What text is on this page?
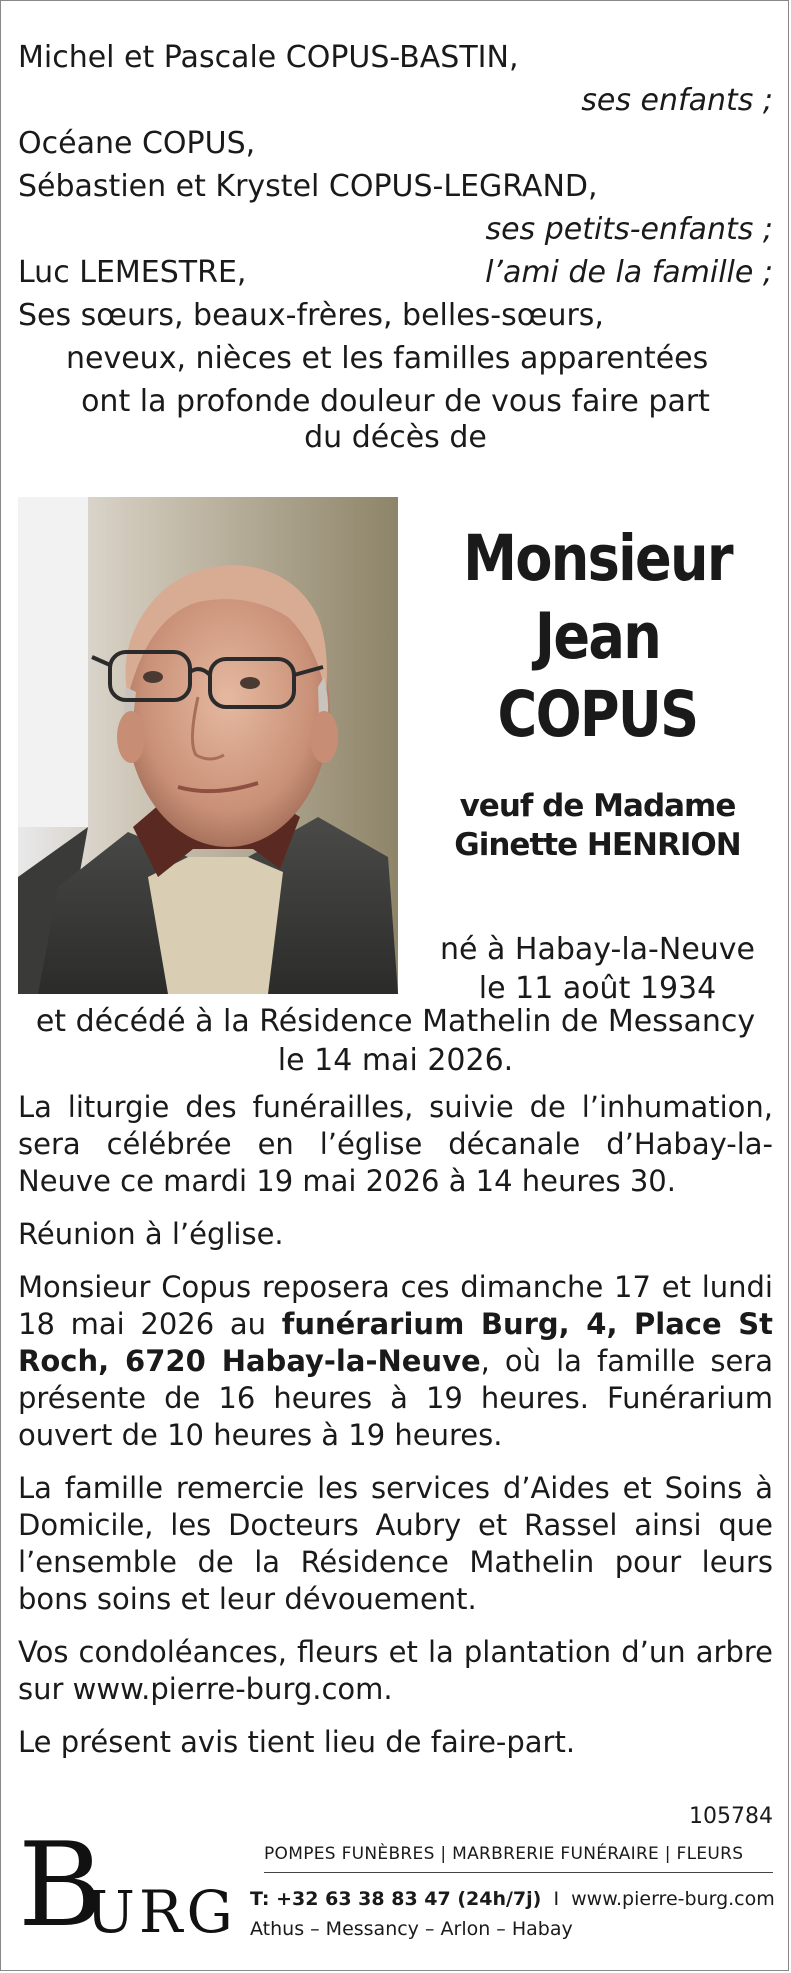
Michel et Pascale COPUS-BASTIN,
ses enfants ;
Océane COPUS,
Sébastien et Krystel COPUS-LEGRAND,
ses petits-enfants ;
Luc LEMESTRE,	l’ami de la famille ;
Ses sœurs, beaux-frères, belles-sœurs,
neveux, nièces et les familles apparentées
ont la profonde douleur de vous faire part
du décès de
Monsieur
Jean
COPUS
veuf de Madame
Ginette HENRION
né à Habay-la-Neuve
le 11 août 1934
et décédé à la Résidence Mathelin de Messancy
le 14 mai 2026.
La liturgie des funérailles, suivie de l’inhumation, sera célébrée en l’église décanale d’Habay-la-Neuve ce mardi 19 mai 2026 à 14 heures 30.
Réunion à l’église.
Monsieur Copus reposera ces dimanche 17 et lundi 18 mai 2026 au funérarium Burg, 4, Place St Roch, 6720 Habay-la-Neuve, où la famille sera présente de 16 heures à 19 heures. Funérarium ouvert de 10 heures à 19 heures.
La famille remercie les services d’Aides et Soins à Domicile, les Docteurs Aubry et Rassel ainsi que l’ensemble de la Résidence Mathelin pour leurs bons soins et leur dévouement.
Vos condoléances, fleurs et la plantation d’un arbre sur www.pierre-burg.com.
Le présent avis tient lieu de faire-part.
105784
B
URG
POMPES FUNÈBRES | MARBRERIE FUNÉRAIRE | FLEURS
T: +32 63 38 83 47 (24h/7j)  I  www.pierre-burg.com
Athus – Messancy – Arlon – Habay
